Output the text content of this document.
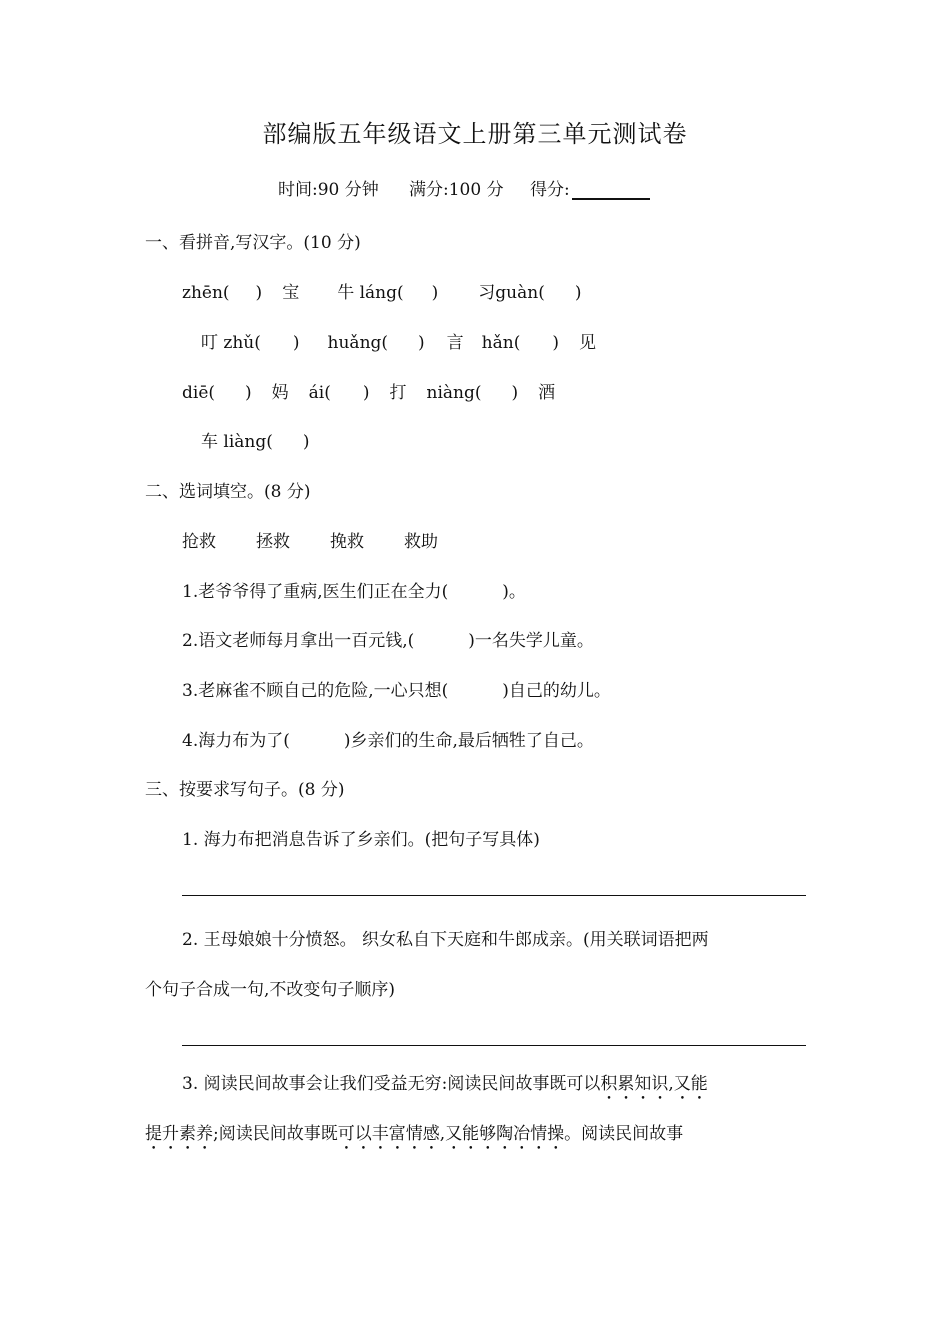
部编版五年级语文上册第三单元测试卷
时间:90 分钟 满分:100 分 得分:
一、看拼音,写汉字。(10 分)
zhēn( ) 宝 牛 láng( ) 习guàn( )
叮 zhǔ( ) huǎng( ) 言 hǎn( ) 见
diē( ) 妈 ái( ) 打 niàng( ) 酒
车 liàng( )
二、选词填空。(8 分)
抢救 拯救 挽救 救助
1.老爷爷得了重病,医生们正在全力(	)。
2.语文老师每月拿出一百元钱,(	)一名失学儿童。
3.老麻雀不顾自己的危险,一心只想(	)自己的幼儿。
4.海力布为了(	)乡亲们的生命,最后牺牲了自己。
三、按要求写句子。(8 分)
1. 海力布把消息告诉了乡亲们。(把句子写具体)
2. 王母娘娘十分愤怒。 织女私自下天庭和牛郎成亲。(用关联词语把两
个句子合成一句,不改变句子顺序)
3. 阅读民间故事会让我们受益无穷:阅读民间故事既可以积累知识,又能
提升素养;阅读民间故事既可以丰富情感,又能够陶冶情操。阅读民间故事
